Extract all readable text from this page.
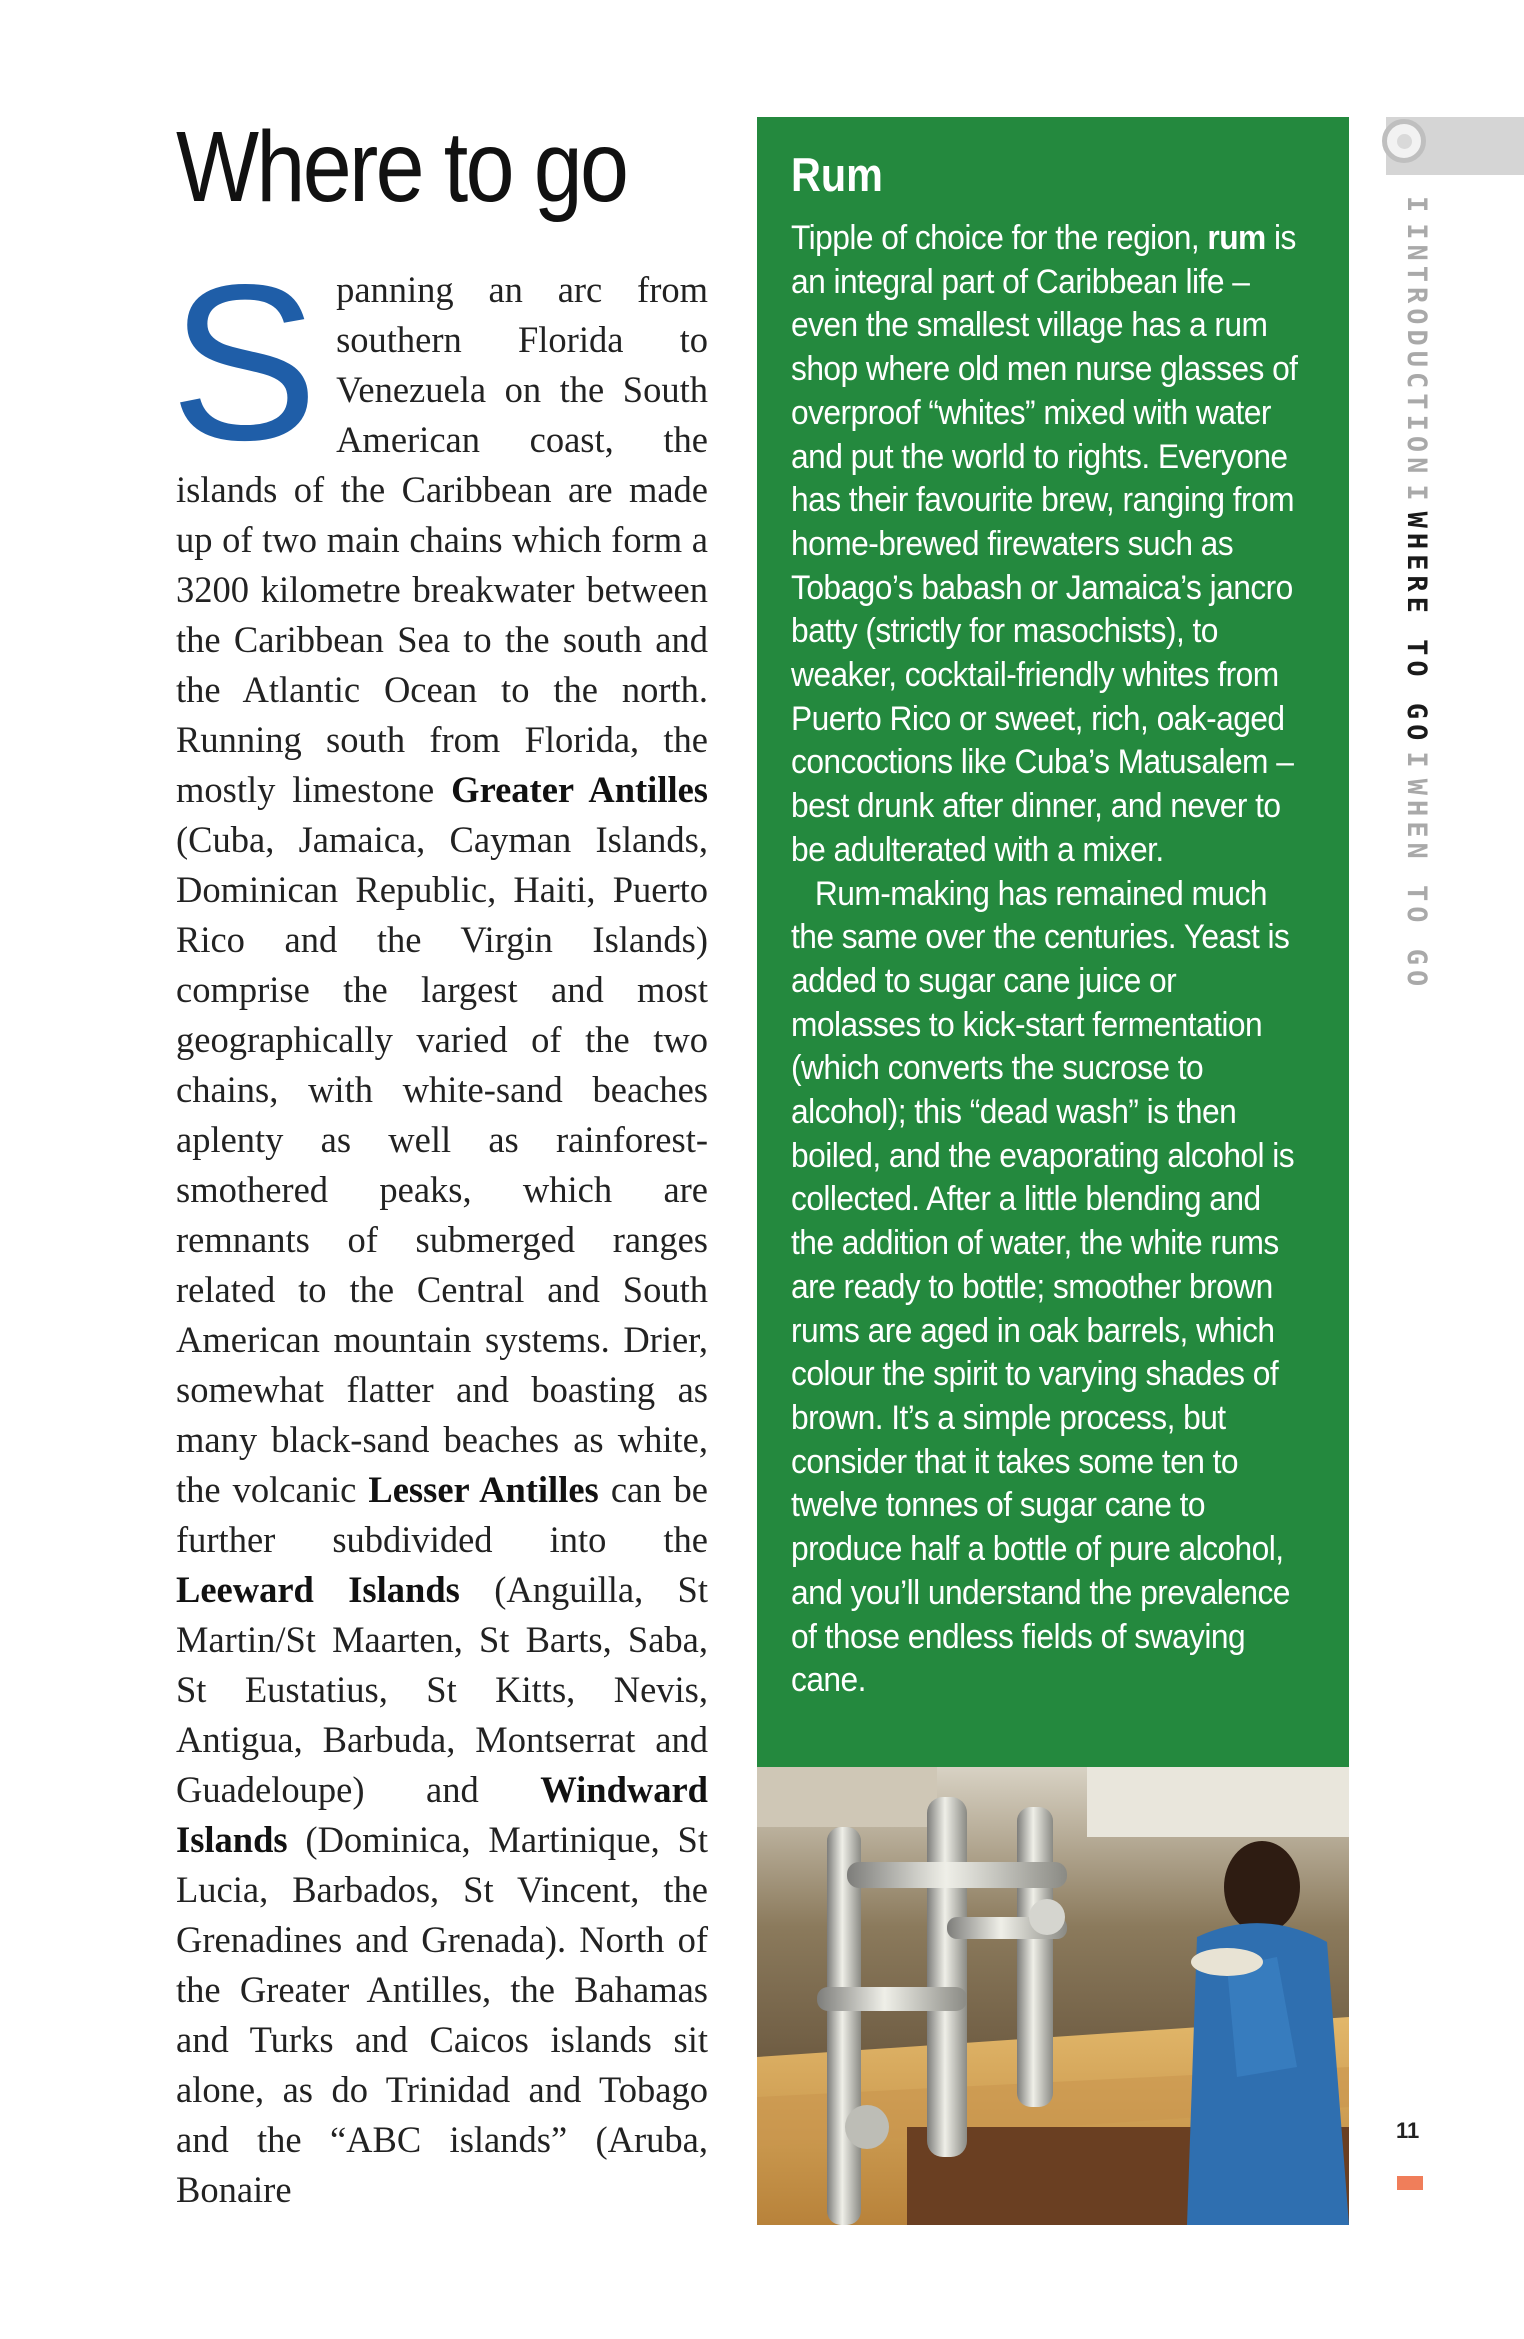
Where to go
S panning an arc from southern Florida to Venezuela on the South American coast, the islands of the Caribbean are made up of two main chains which form a 3200 kilometre breakwater between the Caribbean Sea to the south and the Atlantic Ocean to the north. Running south from Florida, the mostly limestone Greater Antilles (Cuba, Jamaica, Cayman Islands, Dominican Republic, Haiti, Puerto Rico and the Virgin Islands) comprise the largest and most geographically varied of the two chains, with white-sand beaches aplenty as well as rainforest-smothered peaks, which are remnants of submerged ranges related to the Central and South American mountain systems. Drier, somewhat flatter and boasting as many black-sand beaches as white, the volcanic Lesser Antilles can be further subdivided into the Leeward Islands (Anguilla, St Martin/St Maarten, St Barts, Saba, St Eustatius, St Kitts, Nevis, Antigua, Barbuda, Montserrat and Guadeloupe) and Windward Islands (Dominica, Martinique, St Lucia, Barbados, St Vincent, the Grenadines and Grenada). North of the Greater Antilles, the Bahamas and Turks and Caicos islands sit alone, as do Trinidad and Tobago and the “ABC islands” (Aruba, Bonaire
Rum

Tipple of choice for the region, rum is an integral part of Caribbean life – even the smallest village has a rum shop where old men nurse glasses of overproof “whites” mixed with water and put the world to rights. Everyone has their favourite brew, ranging from home-brewed firewaters such as Tobago’s babash or Jamaica’s jancro batty (strictly for masochists), to weaker, cocktail-friendly whites from Puerto Rico or sweet, rich, oak-aged concoctions like Cuba’s Matusalem – best drunk after dinner, and never to be adulterated with a mixer.

Rum-making has remained much the same over the centuries. Yeast is added to sugar cane juice or molasses to kick-start fermentation (which converts the sucrose to alcohol); this “dead wash” is then boiled, and the evaporating alcohol is collected. After a little blending and the addition of water, the white rums are ready to bottle; smoother brown rums are aged in oak barrels, which colour the spirit to varying shades of brown. It’s a simple process, but consider that it takes some ten to twelve tonnes of sugar cane to produce half a bottle of pure alcohol, and you’ll understand the prevalence of those endless fields of swaying cane.

IINTRODUCTIONIWHERE TO GOIWHEN TO GO
11
